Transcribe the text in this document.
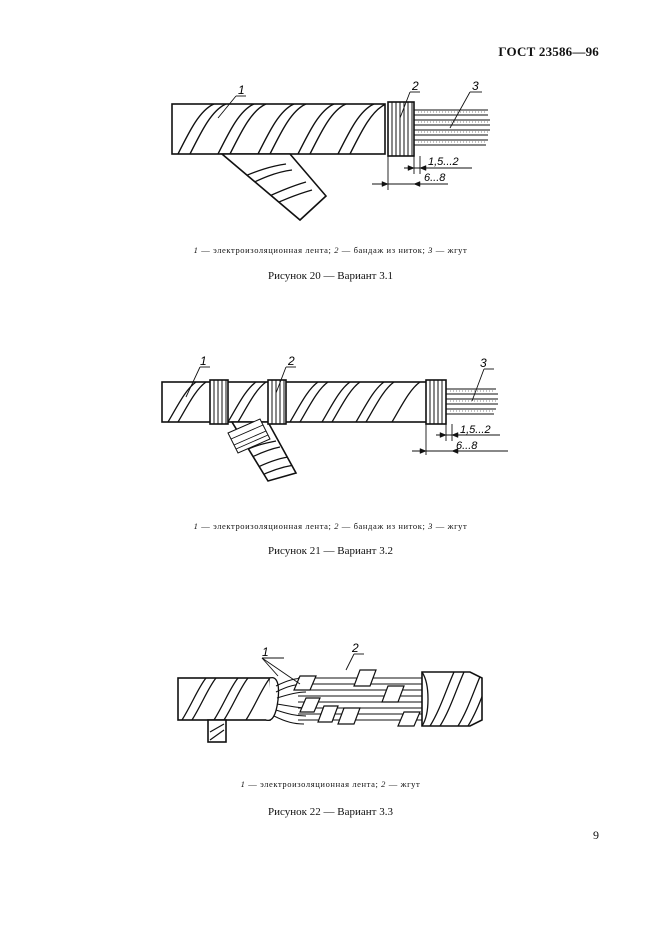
ГОСТ 23586—96
1	2	3
1,5...2
6...8
1 — электроизоляционная лента; 2 — бандаж из ниток; 3 — жгут
Рисунок 20 — Вариант 3.1
1	2	3
1,5...2
6...8
1 — электроизоляционная лента; 2 — бандаж из ниток; 3 — жгут
Рисунок 21 — Вариант 3.2
1	2
1 — электроизоляционная лента; 2 — жгут
Рисунок 22 — Вариант 3.3
9
